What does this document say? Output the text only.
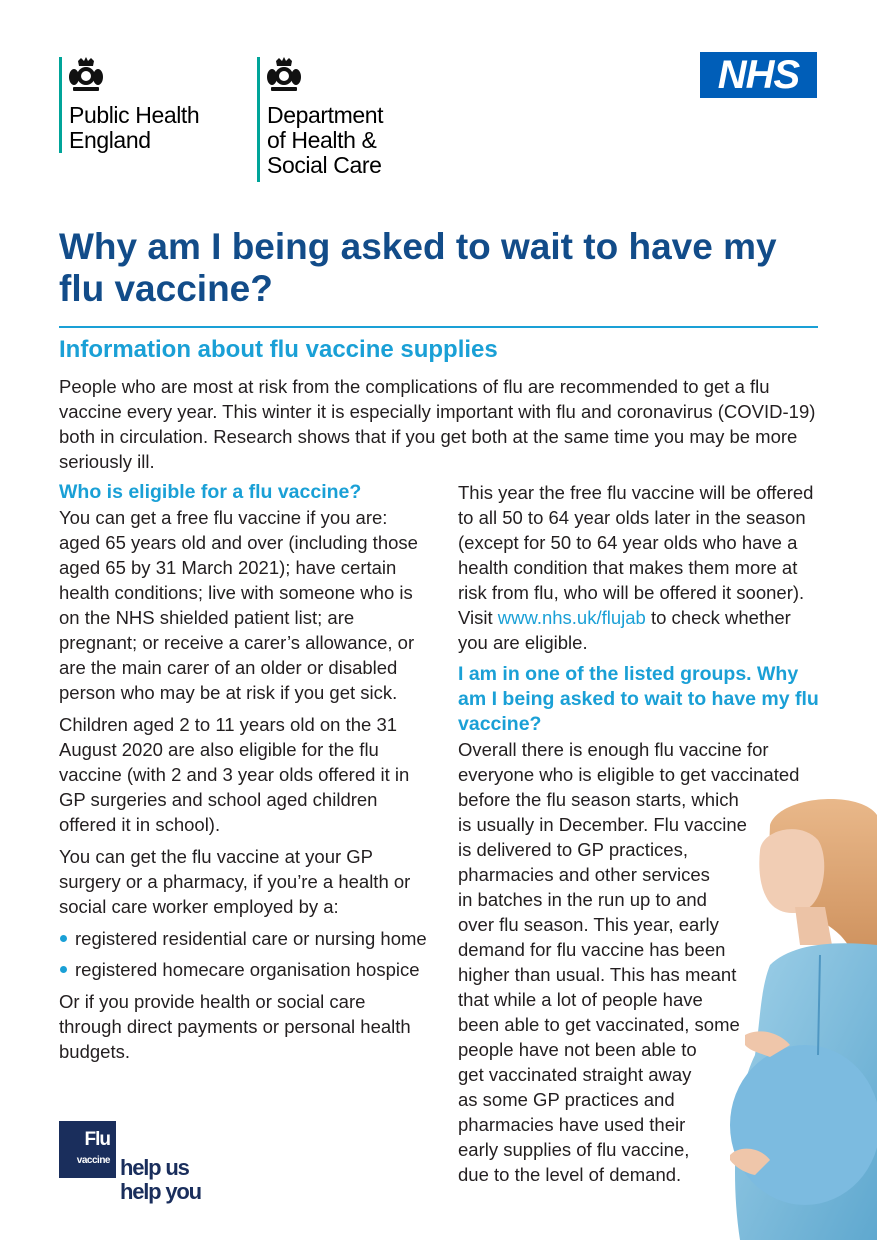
Public Health
England
Department
of Health &
Social Care
NHS
Why am I being asked to wait to have my flu vaccine?
Information about flu vaccine supplies
People who are most at risk from the complications of flu are recommended to get a flu vaccine every year. This winter it is especially important with flu and coronavirus (COVID-19) both in circulation. Research shows that if you get both at the same time you may be more seriously ill.
Who is eligible for a flu vaccine?

You can get a free flu vaccine if you are: aged 65 years old and over (including those aged 65 by 31 March 2021); have certain health conditions; live with someone who is on the NHS shielded patient list; are pregnant; or receive a carer’s allowance, or are the main carer of an older or disabled person who may be at risk if you get sick.

Children aged 2 to 11 years old on the 31 August 2020 are also eligible for the flu vaccine (with 2 and 3 year olds offered it in GP surgeries and school aged children offered it in school).

You can get the flu vaccine at your GP surgery or a pharmacy, if you’re a health or social care worker employed by a:

registered residential care or nursing home
registered homecare organisation hospice

Or if you provide health or social care through direct payments or personal health budgets.

This year the free flu vaccine will be offered to all 50 to 64 year olds later in the season (except for 50 to 64 year olds who have a health condition that makes them more at risk from flu, who will be offered it sooner). Visit www.nhs.uk/flujab to check whether you are eligible.

I am in one of the listed groups. Why am I being asked to wait to have my flu vaccine?
Overall there is enough flu vaccine for
everyone who is eligible to get vaccinated
before the flu season starts, which
is usually in December. Flu vaccine
is delivered to GP practices,
pharmacies and other services
in batches in the run up to and
over flu season. This year, early
demand for flu vaccine has been
higher than usual. This has meant
that while a lot of people have
been able to get vaccinated, some
people have not been able to
get vaccinated straight away
as some GP practices and
pharmacies have used their
early supplies of flu vaccine,
due to the level of demand.
Flu
vaccine help us
help you
